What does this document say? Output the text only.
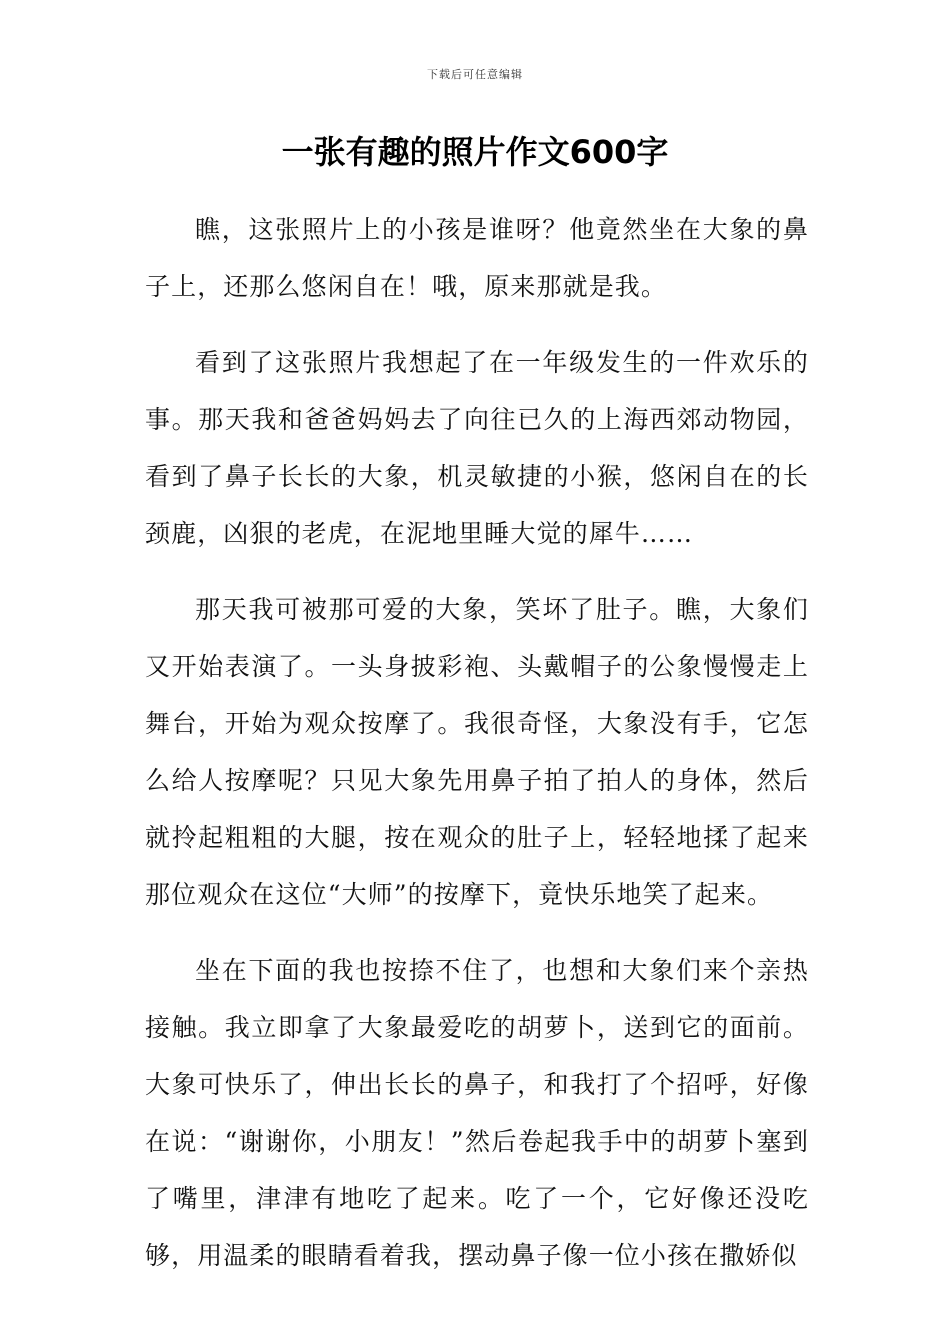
下载后可任意编辑
一张有趣的照片作文600字

瞧，这张照片上的小孩是谁呀？他竟然坐在大象的鼻子上，还那么悠闲自在！哦，原来那就是我。

看到了这张照片我想起了在一年级发生的一件欢乐的事。那天我和爸爸妈妈去了向往已久的上海西郊动物园，看到了鼻子长长的大象，机灵敏捷的小猴，悠闲自在的长颈鹿，凶狠的老虎，在泥地里睡大觉的犀牛……

那天我可被那可爱的大象，笑坏了肚子。瞧，大象们又开始表演了。一头身披彩袍、头戴帽子的公象慢慢走上舞台，开始为观众按摩了。我很奇怪，大象没有手，它怎么给人按摩呢？只见大象先用鼻子拍了拍人的身体，然后就拎起粗粗的大腿，按在观众的肚子上，轻轻地揉了起来那位观众在这位“大师”的按摩下，竟快乐地笑了起来。

坐在下面的我也按捺不住了，也想和大象们来个亲热接触。我立即拿了大象最爱吃的胡萝卜，送到它的面前。大象可快乐了，伸出长长的鼻子，和我打了个招呼，好像在说：“谢谢你，小朋友！”然后卷起我手中的胡萝卜塞到了嘴里，津津有地吃了起来。吃了一个，它好像还没吃够，用温柔的眼睛看着我，摆动鼻子像一位小孩在撒娇似
